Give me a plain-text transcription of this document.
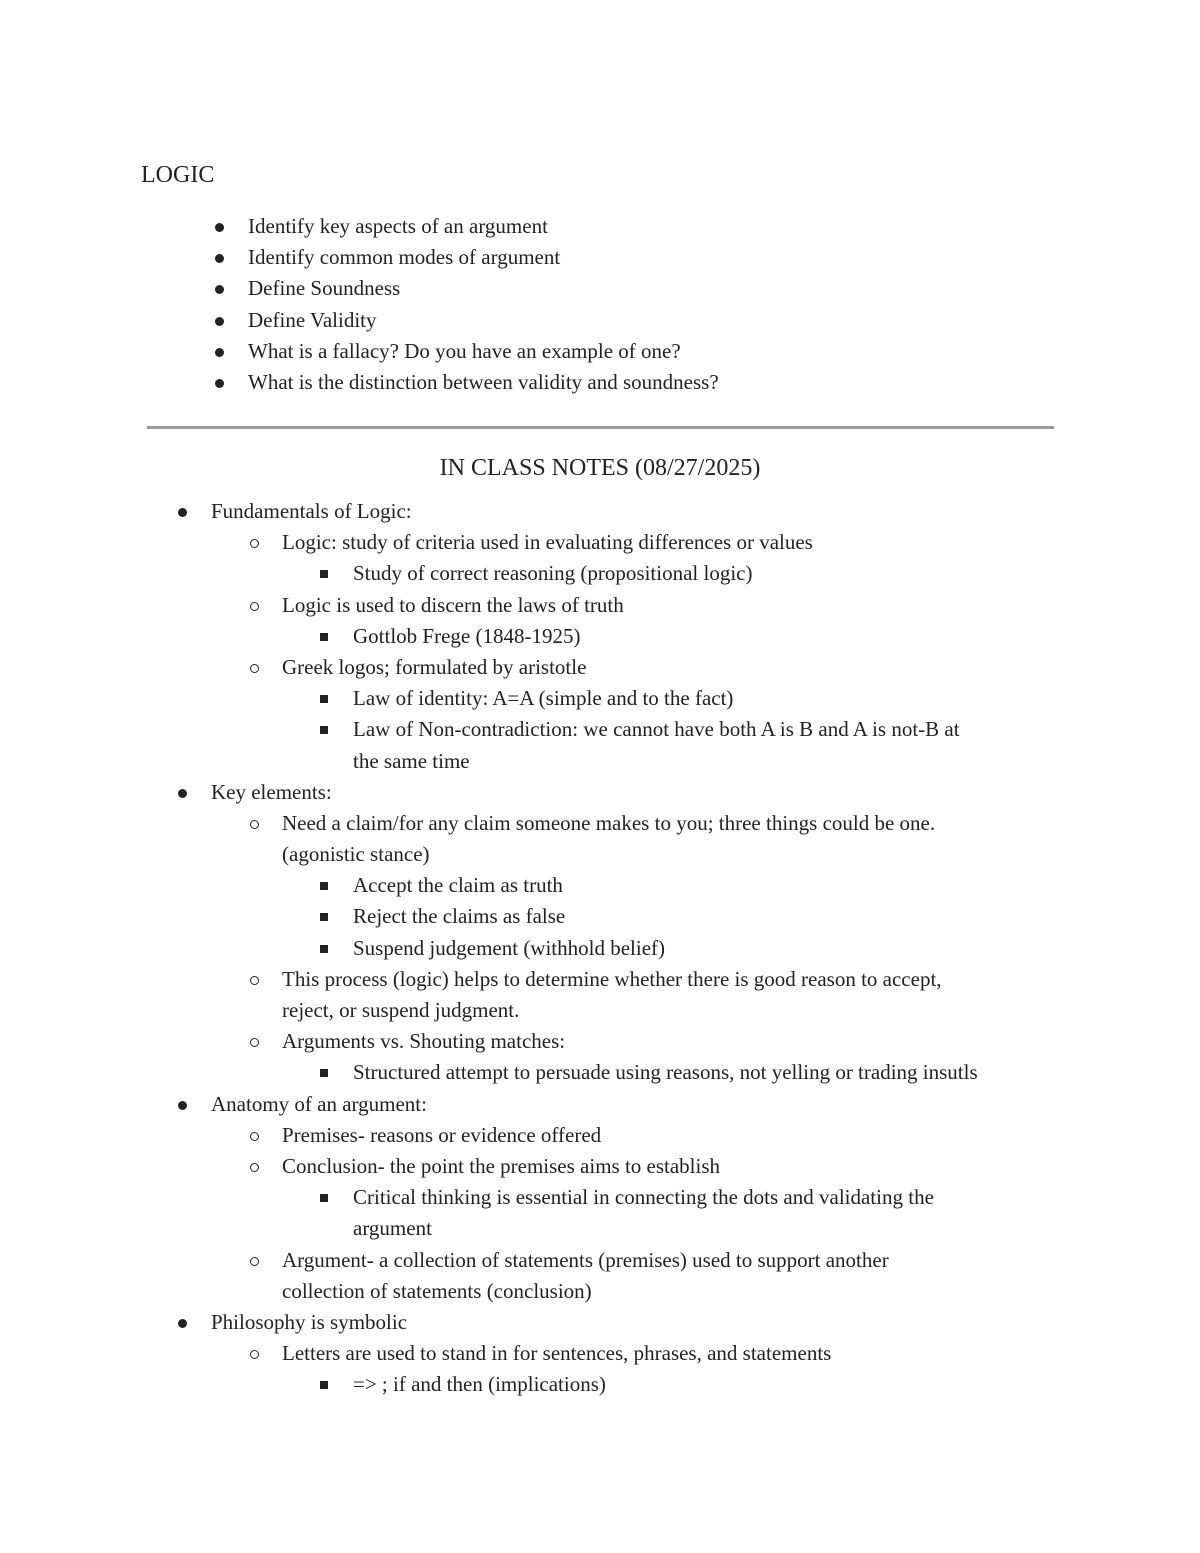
LOGIC
Identify key aspects of an argument
Identify common modes of argument
Define Soundness
Define Validity
What is a fallacy? Do you have an example of one?
What is the distinction between validity and soundness?
IN CLASS NOTES (08/27/2025)
Fundamentals of Logic:
Logic: study of criteria used in evaluating differences or values
Study of correct reasoning (propositional logic)
Logic is used to discern the laws of truth
Gottlob Frege (1848-1925)
Greek logos; formulated by aristotle
Law of identity: A=A (simple and to the fact)
Law of Non-contradiction: we cannot have both A is B and A is not-B at
the same time
Key elements:
Need a claim/for any claim someone makes to you; three things could be one.
(agonistic stance)
Accept the claim as truth
Reject the claims as false
Suspend judgement (withhold belief)
This process (logic) helps to determine whether there is good reason to accept,
reject, or suspend judgment.
Arguments vs. Shouting matches:
Structured attempt to persuade using reasons, not yelling or trading insutls
Anatomy of an argument:
Premises- reasons or evidence offered
Conclusion- the point the premises aims to establish
Critical thinking is essential in connecting the dots and validating the
argument
Argument- a collection of statements (premises) used to support another
collection of statements (conclusion)
Philosophy is symbolic
Letters are used to stand in for sentences, phrases, and statements
=> ; if and then (implications)
